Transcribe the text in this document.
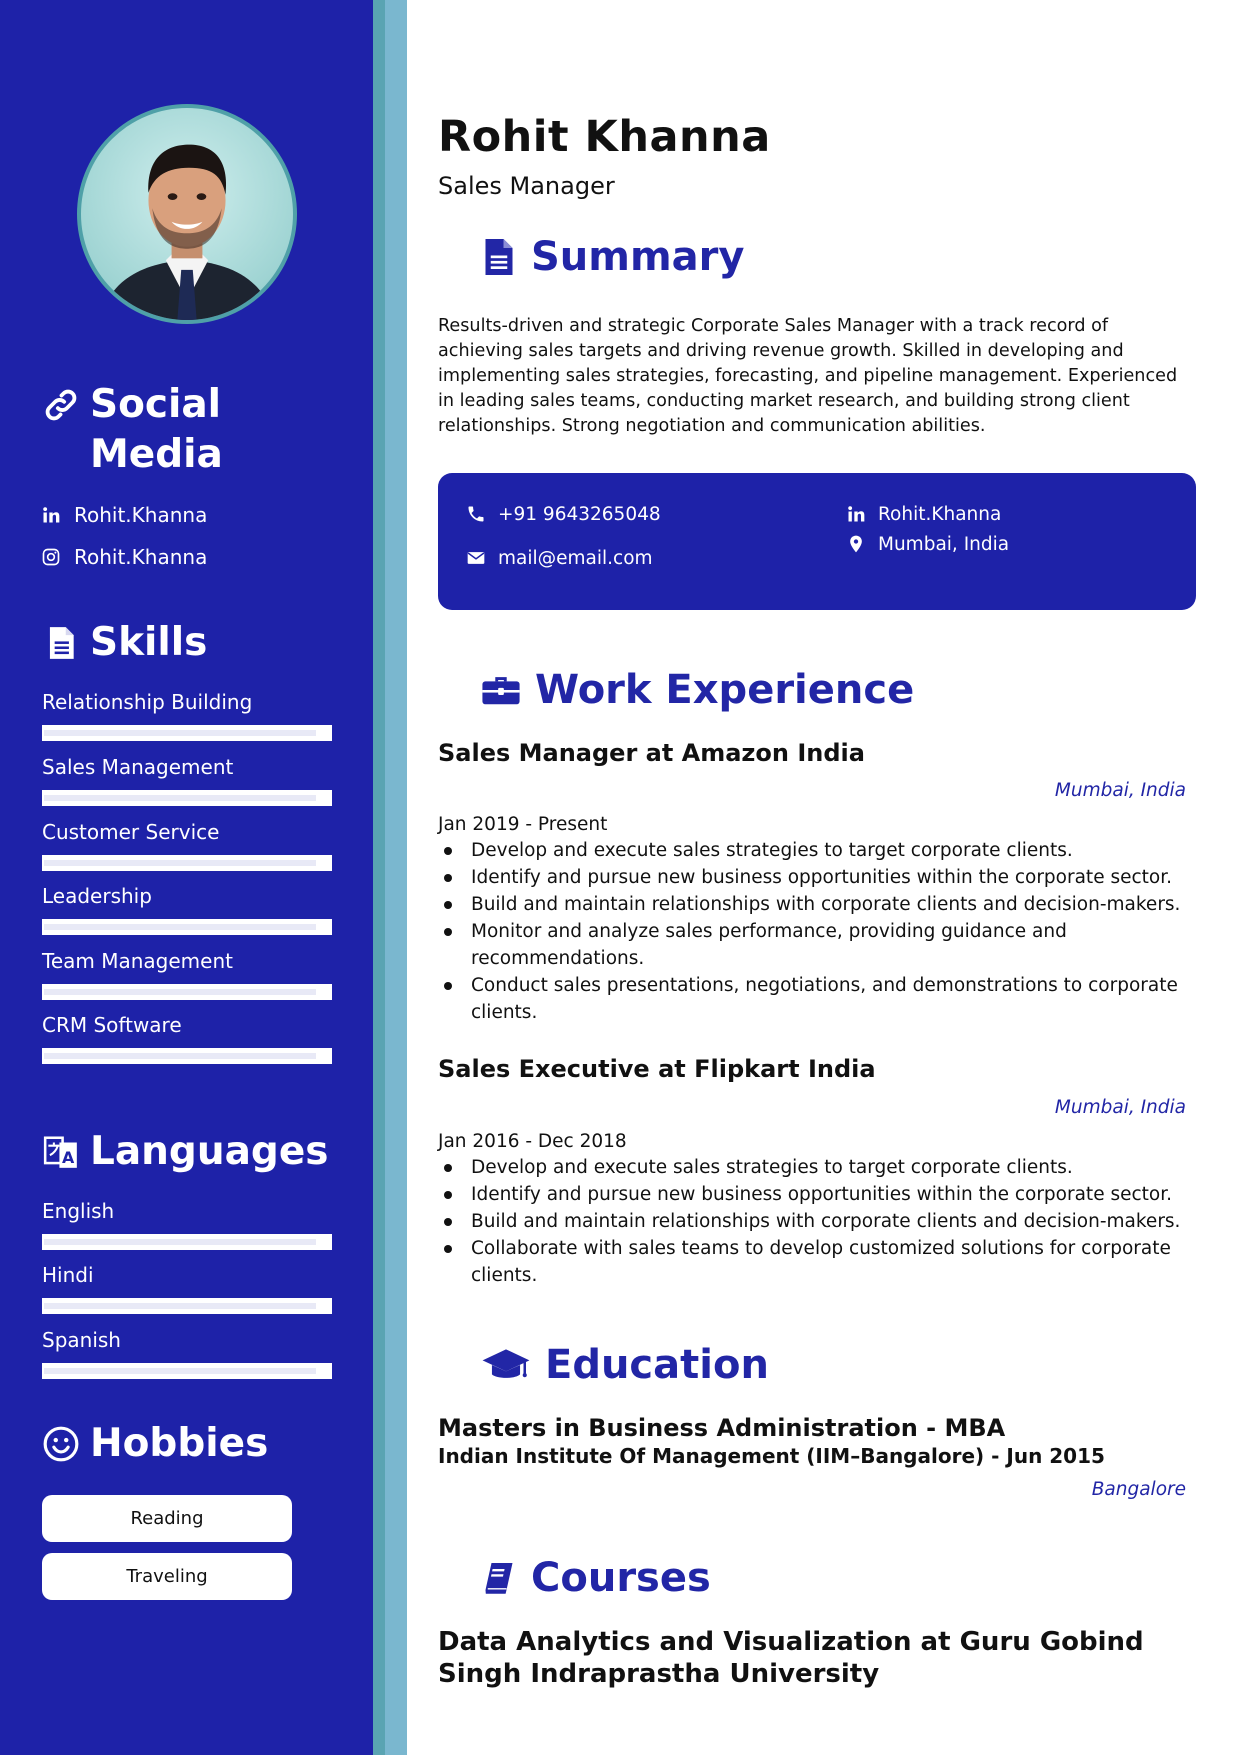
Social
Media
Rohit.Khanna
Rohit.Khanna
Skills
Relationship Building
Sales Management
Customer Service
Leadership
Team Management
CRM Software
A Languages
English
Hindi
Spanish
Hobbies
Reading
Traveling
Rohit Khanna
Sales Manager
Summary

Results-driven and strategic Corporate Sales Manager with a track record of achieving sales targets and driving revenue growth. Skilled in developing and implementing sales strategies, forecasting, and pipeline management. Experienced in leading sales teams, conducting market research, and building strong client relationships. Strong negotiation and communication abilities.

+91 9643265048
mail@email.com
Rohit.Khanna
Mumbai, India
Work Experience
Sales Manager at Amazon India
Mumbai, India
Jan 2019 - Present
Develop and execute sales strategies to target corporate clients.
Identify and pursue new business opportunities within the corporate sector.
Build and maintain relationships with corporate clients and decision-makers.
Monitor and analyze sales performance, providing guidance and recommendations.
Conduct sales presentations, negotiations, and demonstrations to corporate clients.
Sales Executive at Flipkart India
Mumbai, India
Jan 2016 - Dec 2018
Develop and execute sales strategies to target corporate clients.
Identify and pursue new business opportunities within the corporate sector.
Build and maintain relationships with corporate clients and decision-makers.
Collaborate with sales teams to develop customized solutions for corporate clients.
Education
Masters in Business Administration - MBA
Indian Institute Of Management (IIM–Bangalore) - Jun 2015
Bangalore
Courses
Data Analytics and Visualization at Guru Gobind Singh Indraprastha University
